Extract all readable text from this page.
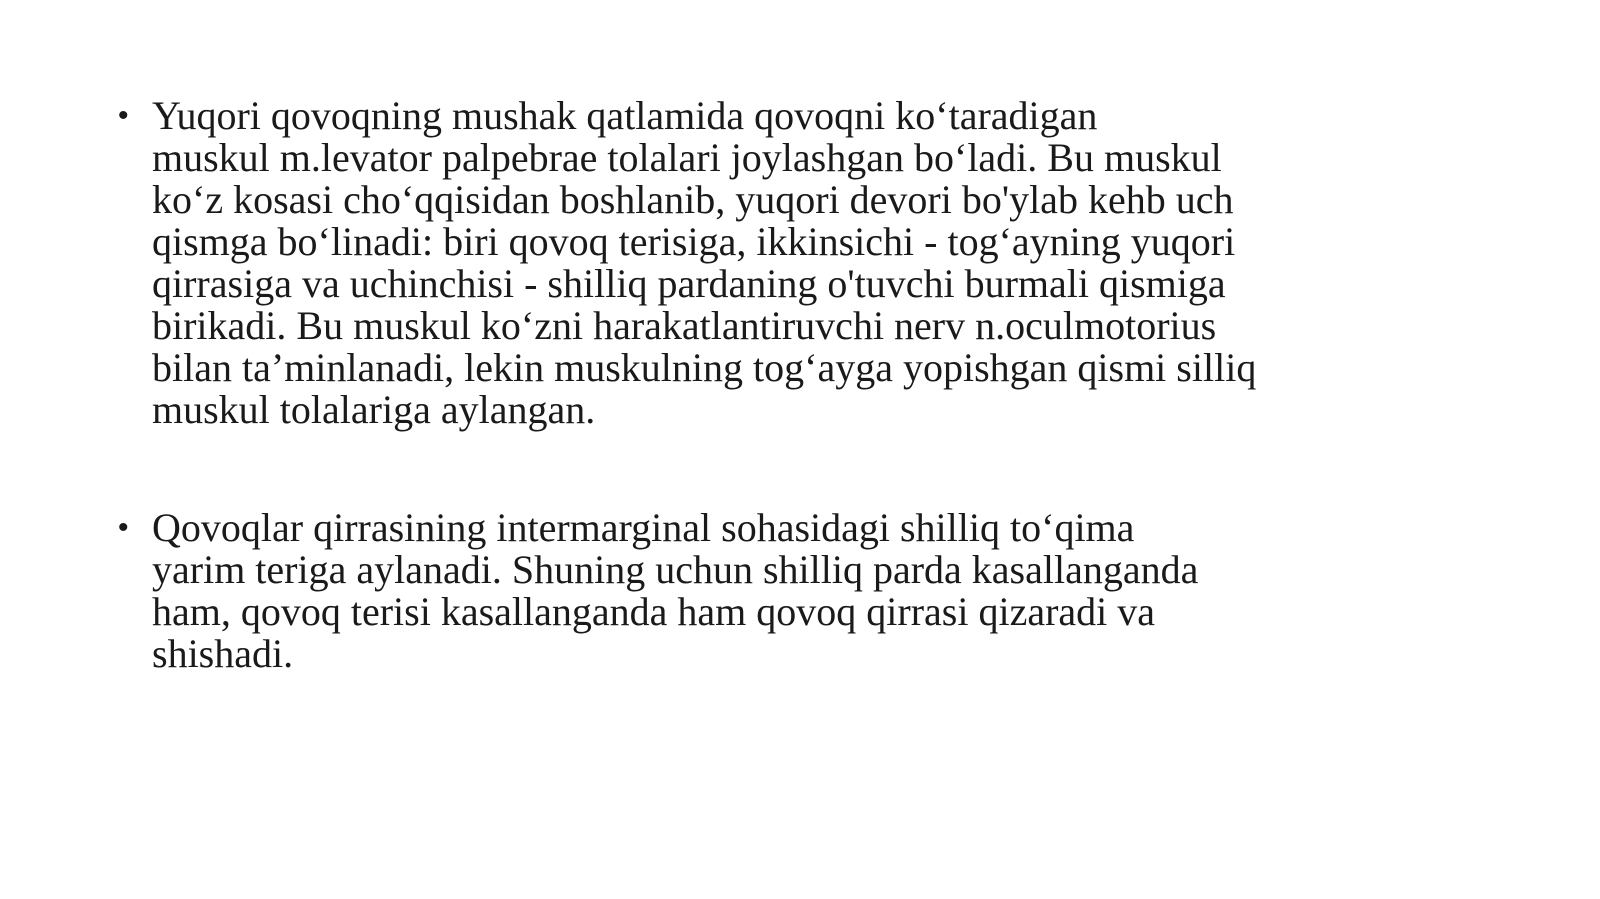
• Yuqori qovoqning mushak qatlamida qovoqni ko‘taradigan
muskul m.levator palpebrae tolalari joylashgan bo‘ladi. Bu muskul
ko‘z kosasi cho‘qqisidan boshlanib, yuqori devori bo'ylab kehb uch
qismga bo‘linadi: biri qovoq terisiga, ikkinsichi - tog‘ayning yuqori
qirrasiga va uchinchisi - shilliq pardaning o'tuvchi burmali qismiga
birikadi. Bu muskul ko‘zni harakatlantiruvchi nerv n.oculmotorius
bilan ta’minlanadi, lekin muskulning tog‘ayga yopishgan qismi silliq
muskul tolalariga aylangan.
• Qovoqlar qirrasining intermarginal sohasidagi shilliq to‘qima
yarim teriga aylanadi. Shuning uchun shilliq parda kasallanganda
ham, qovoq terisi kasallanganda ham qovoq qirrasi qizaradi va
shishadi.
